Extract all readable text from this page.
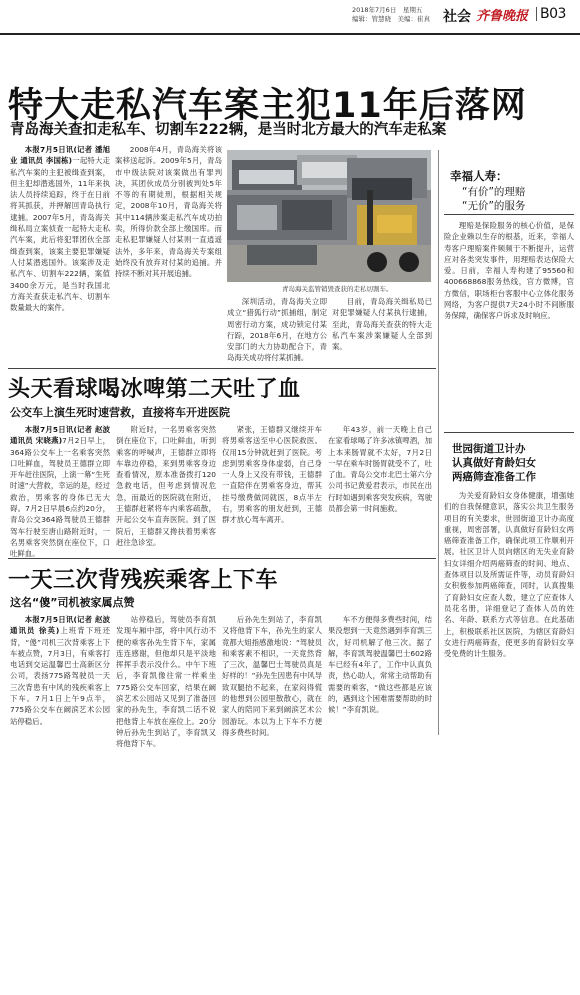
2018年7月6日　星期五
编辑：管慧晓　美编：崔真 社会 齐鲁晚报 B03
特大走私汽车案主犯11年后落网
青岛海关查扣走私车、切割车222辆，是当时北方最大的汽车走私案

本报7月5日讯(记者 潘旭业 通讯员 李国栋)一起特大走私汽车案的主犯被缉查到案，但主犯却潜逃国外，11年来执法人员持续追踪，终于在日前将其抓获，并押解回青岛执行逮捕。2007年5月，青岛海关缉私局立案侦查一起特大走私汽车案，此后将犯罪团伙全部缉查到案，该案主要犯罪嫌疑人付某潜逃国外。该案涉及走私汽车、切割车222辆，案值3400余万元，是当时我国北方海关查获走私汽车、切割车数量最大的案件。

2008年4月，青岛海关将该案移送起诉。2009年5月，青岛市中级法院对该案做出有罪判决，其团伙成员分别被判处5年不等的有期徒刑，根据相关规定，2008年10月，青岛海关将其中114辆涉案走私汽车成功拍卖，所得价款全部上缴国库。而走私犯罪嫌疑人付某则一直逍遥法外，多年来，青岛海关专案组始终没有放弃对付某的追捕。并持续不断对其开展追捕。

青岛海关监管销毁查获的走私切割车。

深圳活动，青岛海关立即成立“猎狐行动”抓捕组，制定周密行动方案，成功锁定付某行踪，2018年6月，在地方公安部门的大力协助配合下，青岛海关成功将付某抓捕。

目前，青岛海关缉私局已对犯罪嫌疑人付某执行逮捕，至此，青岛海关查获的特大走私汽车案涉案嫌疑人全部到案。

头天看球喝冰啤第二天吐了血
公交车上演生死时速营救，直接将车开进医院

本报7月5日讯(记者 赵波 通讯员 宋晓燕)7月2日早上，364路公交车上一名乘客突然口吐鲜血，驾驶员王德群立即开车赶往医院，上演一幕“生死时速”大营救，幸运的是，经过救治，男乘客的身体已无大碍。7月2日早晨6点约20分，青岛公交364路驾驶员王德群驾车行驶至唐山路附近时，一名男乘客突然倒在座位下，口吐鲜血。

附近时，一名男乘客突然倒在座位下，口吐鲜血，听到乘客的呼喊声，王德群立即将车靠边停稳，来到男乘客身边查看情况，原本准备拨打120急救电话，但考虑到情况危急，而最近的医院就在附近，王德群赶紧将车内乘客疏散，开起公交车直奔医院。到了医院后，王德群又搀扶着男乘客赶往急诊室。

紧张，王德群又继续开车将男乘客送至中心医院救医。仅用15分钟就赶到了医院。考虑到男乘客身体虚弱，自己身一人身上又没有带钱，王德群一直陪伴在男乘客身边，帮其挂号缴费做同就医，8点半左右，男乘客的朋友赶到，王德群才放心驾车离开。

年43岁，前一天晚上自己在家看球喝了许多冰镇啤酒，加上本来肠胃就不太好，7月2日一早在乘车时肠胃就受不了，吐了血。青岛公交市北巴士第六分公司书记黄爱君表示，市民在出行时如遇到乘客突发疾病，驾驶员都会第一时间施救。

一天三次背残疾乘客上下车
这名“傻”司机被家属点赞

本报7月5日讯(记者 赵波 通讯员 徐英)上班背下班还背，“傻”司机三次背乘客上下车被点赞，7月3日，有乘客打电话到交运温馨巴士高新区分公司，表扬775路驾驶员一天三次背患有中风的残疾乘客上下车。7月1日上午9点半，775路公交车在阚滨艺术公园站停稳后。

站停稳后，驾驶员李育凯发现车厢中部，将中风行动不便的乘客孙先生背下车，家属连连感谢，但他却只是平淡地挥挥手表示没什么。中午下班后，李育凯像往常一样乘坐775路公交车回家，结果在阚滨艺术公园站又见到了准备回家的孙先生，李育凯二话不说把他背上车放在座位上。20分钟后孙先生到站了，李育凯又将他背下车。

后孙先生到站了，李育凯又将他背下车，孙先生的家人竟都大姐指感激地说：“驾驶员和乘客素不相识，一天竟然背了三次，温馨巴士驾驶员真是好样的！”孙先生因患有中风导致双腿抬不起来，在家闷得慌的他想到公园里散散心，就在家人的陪同下来到阚滨艺术公园游玩。本以为上下车不方便得多费些时间。

车不方便得多费些时间，结果没想到一天竟然遇到李育凯三次，好司机解了他三次。据了解，李育凯驾驶温馨巴士602路车已经有4年了，工作中认真负责，热心助人，常常主动帮助有需要的乘客，“做这些都是应该的，遇到这个困难需要帮助的时候！”李育凯说。

幸福人寿：
“有价”的理赔
“无价”的服务

理赔是保险服务的核心价值，是保险企业赖以生存的根基，近来，幸福人寿客户理赔案件频频于不断提升，运营应对各类突发事件，用理赔表达保险大爱。日前，幸福人寿构建了95560和400668868服务热线，官方微博，官方微信，职场柜台客服中心立体化服务网络，为客户提供7天24小时不间断服务保障，确保客户诉求及时响应。

世园街道卫计办
认真做好育龄妇女
两癌筛查准备工作

为关爱育龄妇女身体健康，增强她们的自我保健意识，落实公共卫生服务项目的有关要求，世园街道卫计办高度重视，周密部署，认真做好育龄妇女两癌筛查准备工作，确保此项工作顺利开展。社区卫计人员向辖区的无失业育龄妇女详细介绍两癌筛查的时间、地点、查体项目以及所需证件等，动员育龄妇女积极参加两癌筛查，同时，认真搜集了育龄妇女应查人数，建立了应查体人员花名册，详细登记了查体人员的姓名、年龄、联系方式等信息。在此基础上，积极联系社区医院，为辖区育龄妇女进行两癌筛查，使更多的育龄妇女享受免费的计生服务。
